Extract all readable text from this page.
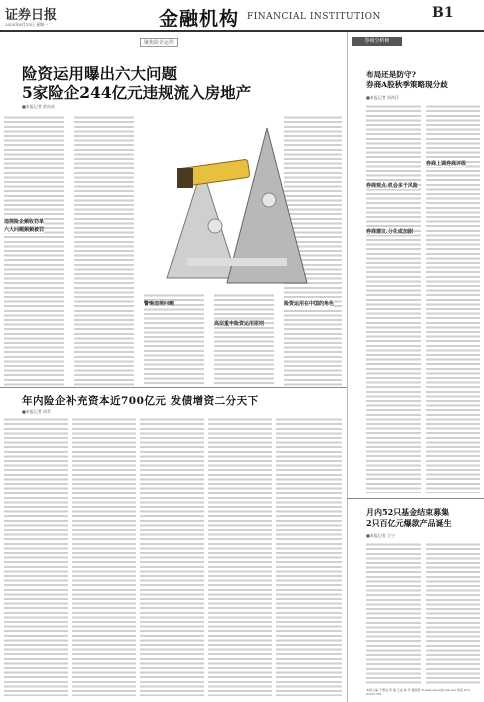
证券日报
2020年6月15日 星期一	金融机构 FINANCIAL INSTITUTION	B1
聚焦险企运作
险资运用曝出六大问题
5家险企244亿元违规流入房地产
■本报记者 苏向杲
违规险企频收罚单
六大问题频频被罚
警惕违规问题
高层重申险资运用原则
险资运用在中国的角色
券商分析师
布局还是防守?
券商A股秋季策略现分歧
■本报记者 周尚仔
券商观点:机会多于风险
券商建议:分化或加剧
券商上调券商评级
月内52只基金结束募集
2只百亿元爆款产品诞生
■本报记者 王宁
年内险企补充资本近700亿元 发债增资二分天下
■本报记者 周萃
本版主编 于德良 责 编 王成 制 作 董春燕 E-mail:zmzx@zqrb.net 电话 010-83251785
